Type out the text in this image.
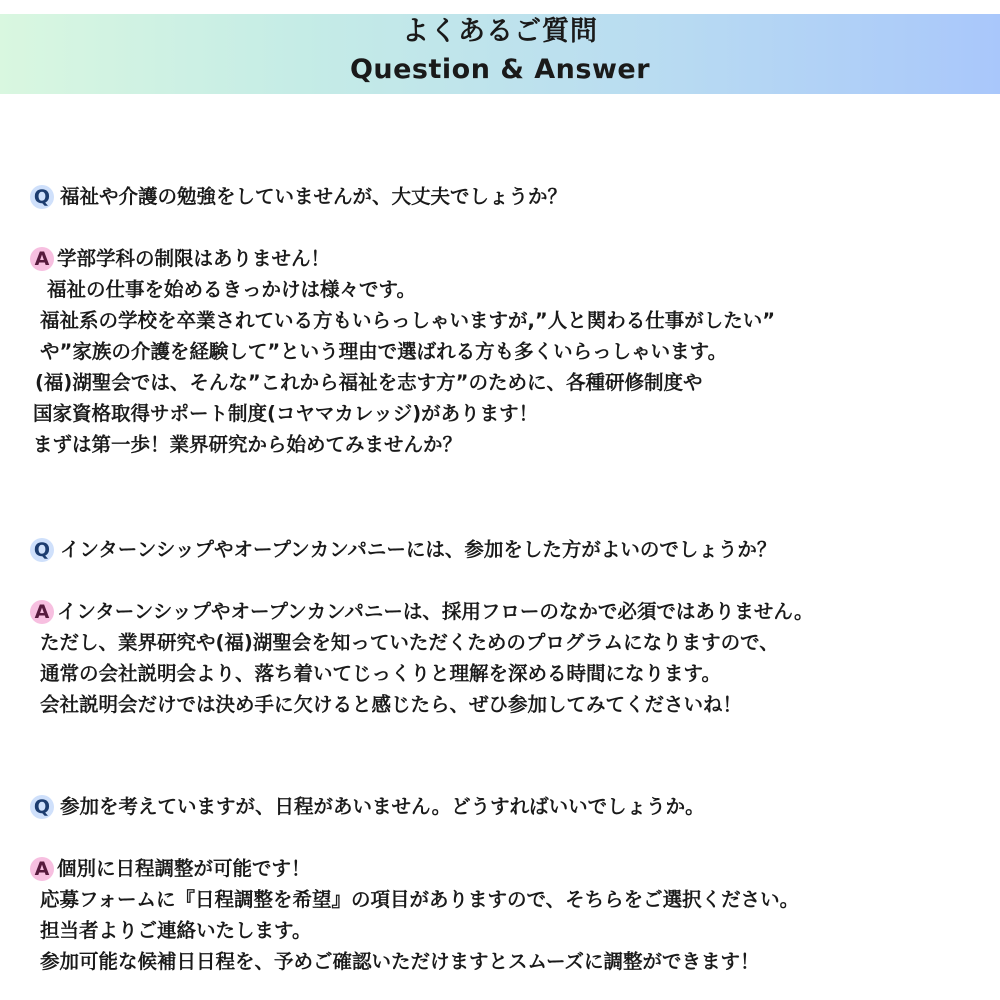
よくあるご質問
Question & Answer
Q 福祉や介護の勉強をしていませんが、大丈夫でしょうか？
A 学部学科の制限はありません！
福祉の仕事を始めるきっかけは様々です。
福祉系の学校を卒業されている方もいらっしゃいますが,”人と関わる仕事がしたい”
や”家族の介護を経験して”という理由で選ばれる方も多くいらっしゃいます。
(福)湖聖会では、そんな”これから福祉を志す方”のために、各種研修制度や
国家資格取得サポート制度(コヤマカレッジ)があります！
まずは第一歩！業界研究から始めてみませんか？
Q インターンシップやオープンカンパニーには、参加をした方がよいのでしょうか？
A インターンシップやオープンカンパニーは、採用フローのなかで必須ではありません。
ただし、業界研究や(福)湖聖会を知っていただくためのプログラムになりますので、
通常の会社説明会より、落ち着いてじっくりと理解を深める時間になります。
会社説明会だけでは決め手に欠けると感じたら、ぜひ参加してみてくださいね！
Q 参加を考えていますが、日程があいません。どうすればいいでしょうか。
A 個別に日程調整が可能です！
応募フォームに『日程調整を希望』の項目がありますので、そちらをご選択ください。
担当者よりご連絡いたします。
参加可能な候補日日程を、予めご確認いただけますとスムーズに調整ができます！
